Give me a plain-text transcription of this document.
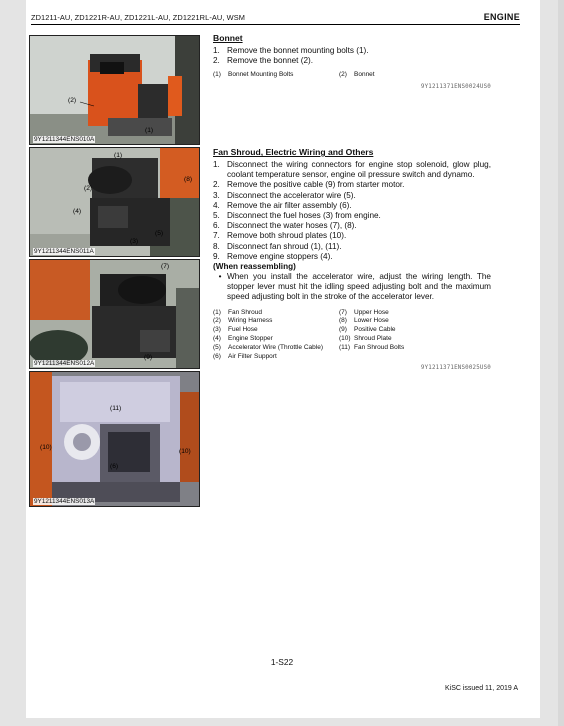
ZD1211-AU, ZD1221R-AU, ZD1221L-AU, ZD1221RL-AU, WSM	ENGINE
(2)
(1)
9Y1211344ENS010A
(1)
(2)
(4)
(8)
(5)
(3)
9Y1211344ENS011A
(7)
(9)
9Y1211344ENS012A
(11)
(10)
(6)
(10)
9Y1211344ENS013A
Bonnet
1. Remove the bonnet mounting bolts (1).
2. Remove the bonnet (2).
(1)	Bonnet Mounting Bolts	(2)	Bonnet
9Y1211371ENS0024US0
Fan Shroud, Electric Wiring and Others
1. Disconnect the wiring connectors for engine stop solenoid, glow plug, coolant temperature sensor, engine oil pressure switch and dynamo.
2. Remove the positive cable (9) from starter motor.
3. Disconnect the accelerator wire (5).
4. Remove the air filter assembly (6).
5. Disconnect the fuel hoses (3) from engine.
6. Disconnect the water hoses (7), (8).
7. Remove both shroud plates (10).
8. Disconnect fan shroud (1), (11).
9. Remove engine stoppers (4).
(When reassembling)
• When you install the accelerator wire, adjust the wiring length. The stopper lever must hit the idling speed adjusting bolt and the maximum speed adjusting bolt in the stroke of the accelerator lever.
(1)	Fan Shroud	(7)	Upper Hose
(2)	Wiring Harness	(8)	Lower Hose
(3)	Fuel Hose	(9)	Positive Cable
(4)	Engine Stopper	(10) Shroud Plate
(5)	Accelerator Wire (Throttle Cable) (11) Fan Shroud Bolts
(6)	Air Filter Support
9Y1211371ENS0025US0
1-S22
KiSC issued 11, 2019 A
